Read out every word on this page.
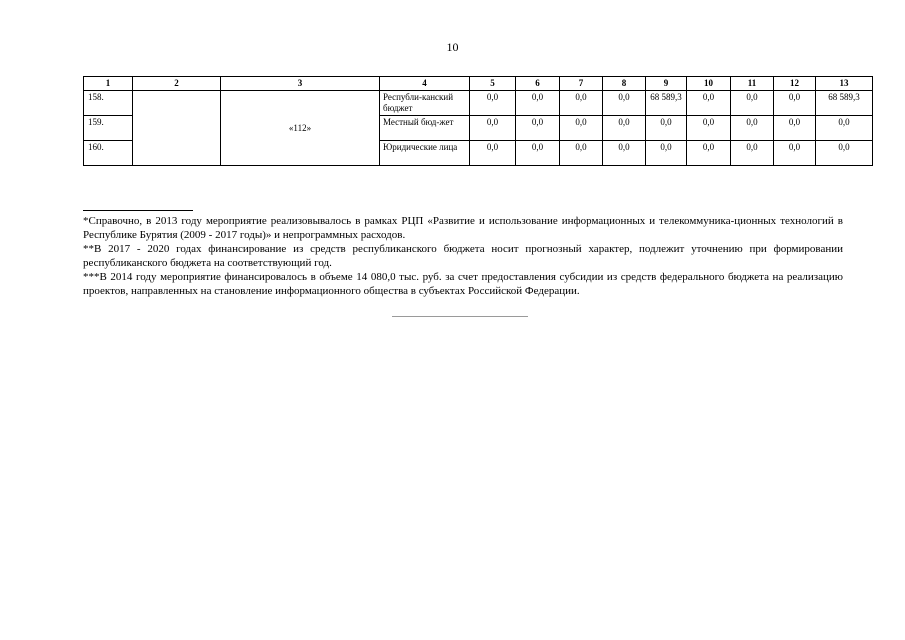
10
1	2	3	4	5	6	7	8	9	10	11	12	13
158.		«112»	Республи-канский бюджет	0,0	0,0	0,0	0,0	68 589,3	0,0	0,0	0,0	68 589,3
159.			Местный бюд-жет	0,0	0,0	0,0	0,0	0,0	0,0	0,0	0,0	0,0
160.			Юридические лица	0,0	0,0	0,0	0,0	0,0	0,0	0,0	0,0	0,0

*Справочно, в 2013 году мероприятие реализовывалось в рамках РЦП «Развитие и использование информационных и телекоммуника-ционных технологий в Республике Бурятия (2009 - 2017 годы)» и непрограммных расходов.

**В 2017 - 2020 годах финансирование из средств республиканского бюджета носит прогнозный характер, подлежит уточнению при формировании республиканского бюджета на соответствующий год.

***В 2014 году мероприятие финансировалось в объеме 14 080,0 тыс. руб. за счет предоставления субсидии из средств федерального бюджета на реализацию проектов, направленных на становление информационного общества в субъектах Российской Федерации.
